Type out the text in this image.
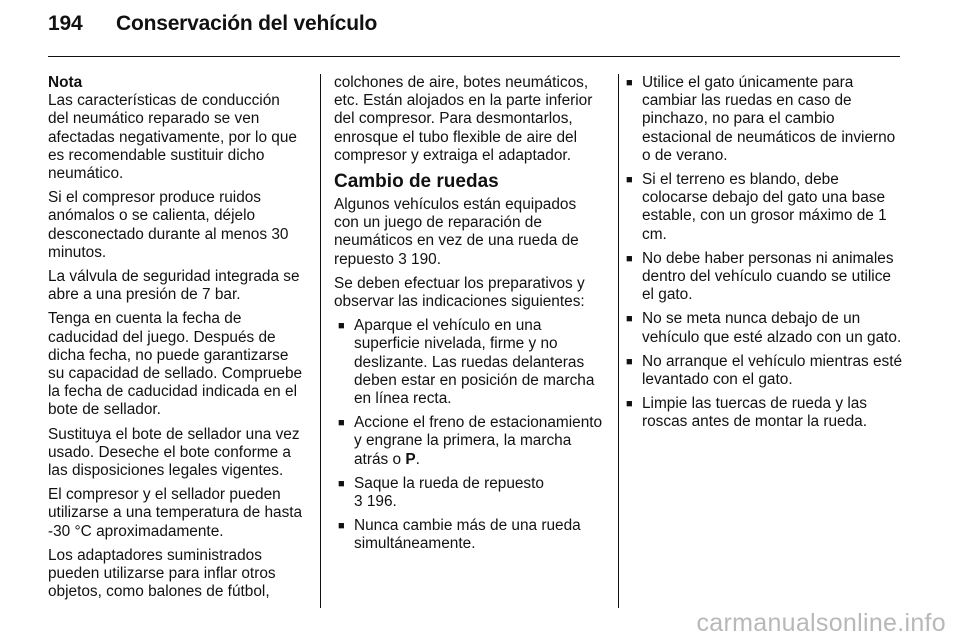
194 Conservación del vehículo
Nota
Las características de conducción del neumático reparado se ven afectadas negativamente, por lo que es recomendable sustituir dicho neumático.
Si el compresor produce ruidos anómalos o se calienta, déjelo desconectado durante al menos 30 minutos.
La válvula de seguridad integrada se abre a una presión de 7 bar.
Tenga en cuenta la fecha de caducidad del juego. Después de dicha fecha, no puede garantizarse su capacidad de sellado. Compruebe la fecha de caducidad indicada en el bote de sellador.
Sustituya el bote de sellador una vez usado. Deseche el bote conforme a las disposiciones legales vigentes.
El compresor y el sellador pueden utilizarse a una temperatura de hasta -30 °C aproximadamente.
Los adaptadores suministrados pueden utilizarse para inflar otros objetos, como balones de fútbol,
colchones de aire, botes neumáticos, etc. Están alojados en la parte inferior del compresor. Para desmontarlos, enrosque el tubo flexible de aire del compresor y extraiga el adaptador.
Cambio de ruedas
Algunos vehículos están equipados con un juego de reparación de neumáticos en vez de una rueda de repuesto 3 190.
Se deben efectuar los preparativos y observar las indicaciones siguientes:
■ Aparque el vehículo en una superficie nivelada, firme y no deslizante. Las ruedas delanteras deben estar en posición de marcha en línea recta.
■ Accione el freno de estacionamiento y engrane la primera, la marcha atrás o P.
■ Saque la rueda de repuesto
3 196.
■ Nunca cambie más de una rueda simultáneamente.
■ Utilice el gato únicamente para cambiar las ruedas en caso de pinchazo, no para el cambio estacional de neumáticos de invierno o de verano.
■ Si el terreno es blando, debe colocarse debajo del gato una base estable, con un grosor máximo de 1 cm.
■ No debe haber personas ni animales dentro del vehículo cuando se utilice el gato.
■ No se meta nunca debajo de un vehículo que esté alzado con un gato.
■ No arranque el vehículo mientras esté levantado con el gato.
■ Limpie las tuercas de rueda y las roscas antes de montar la rueda.
carmanualsonline.info
